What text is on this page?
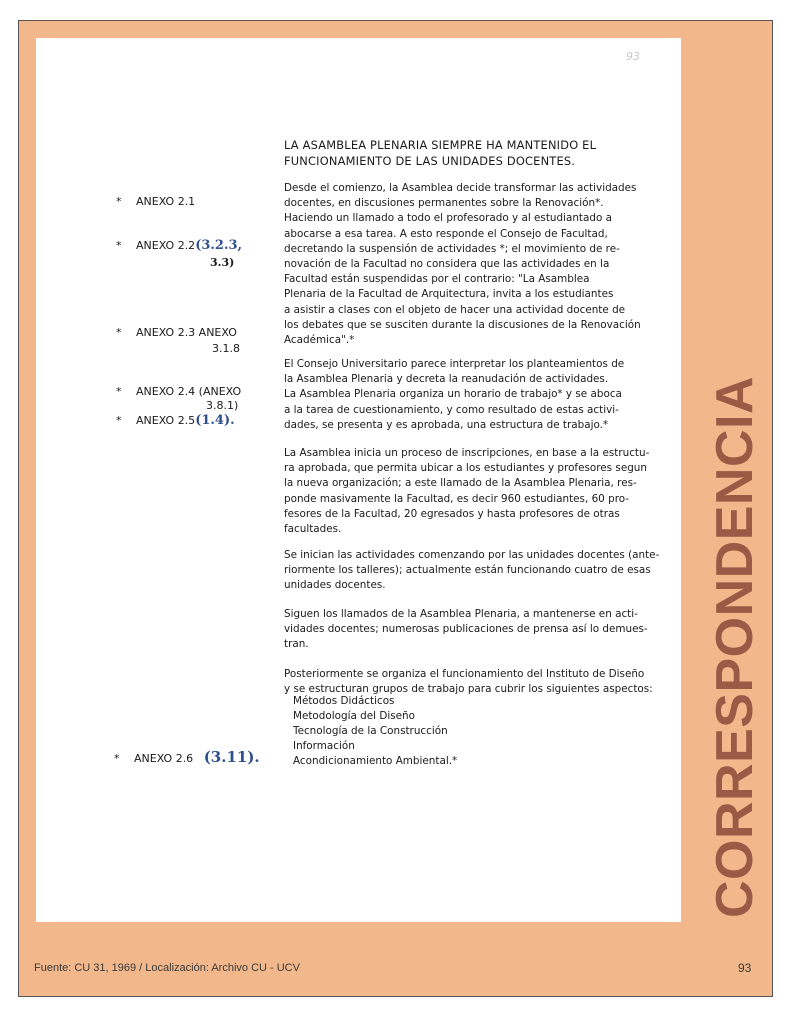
93
LA ASAMBLEA PLENARIA SIEMPRE HA MANTENIDO EL
FUNCIONAMIENTO DE LAS UNIDADES DOCENTES.
* ANEXO 2.1
* ANEXO 2.2(3.2.3,
3.3)
* ANEXO 2.3 ANEXO
3.1.8
* ANEXO 2.4 (ANEXO
3.8.1)
* ANEXO 2.5(1.4).
* ANEXO 2.6 (3.11).
Desde el comienzo, la Asamblea decide transformar las actividades
docentes, en discusiones permanentes sobre la Renovación*.
Haciendo un llamado a todo el profesorado y al estudiantado a
abocarse a esa tarea. A esto responde el Consejo de Facultad,
decretando la suspensión de actividades *; el movimiento de re-
novación de la Facultad no considera que las actividades en la
Facultad están suspendidas por el contrario: "La Asamblea
Plenaria de la Facultad de Arquitectura, invita a los estudiantes
a asistir a clases con el objeto de hacer una actividad docente de
los debates que se susciten durante la discusiones de la Renovación
Académica".*
El Consejo Universitario parece interpretar los planteamientos de
la Asamblea Plenaria y decreta la reanudación de actividades.
La Asamblea Plenaria organiza un horario de trabajo* y se aboca
a la tarea de cuestionamiento, y como resultado de estas activi-
dades, se presenta y es aprobada, una estructura de trabajo.*
La Asamblea inicia un proceso de inscripciones, en base a la estructu-
ra aprobada, que permita ubicar a los estudiantes y profesores segun
la nueva organización; a este llamado de la Asamblea Plenaria, res-
ponde masivamente la Facultad, es decir 960 estudiantes, 60 pro-
fesores de la Facultad, 20 egresados y hasta profesores de otras
facultades.
Se inician las actividades comenzando por las unidades docentes (ante-
riormente los talleres); actualmente están funcionando cuatro de esas
unidades docentes.
Siguen los llamados de la Asamblea Plenaria, a mantenerse en acti-
vidades docentes; numerosas publicaciones de prensa así lo demues-
tran.
Posteriormente se organiza el funcionamiento del Instituto de Diseño
y se estructuran grupos de trabajo para cubrir los siguientes aspectos:
Métodos Didácticos
Metodología del Diseño
Tecnología de la Construcción
Información
Acondicionamiento Ambiental.*	CORRESPONDENCIA
Fuente: CU 31, 1969 / Localización: Archivo CU - UCV	93
